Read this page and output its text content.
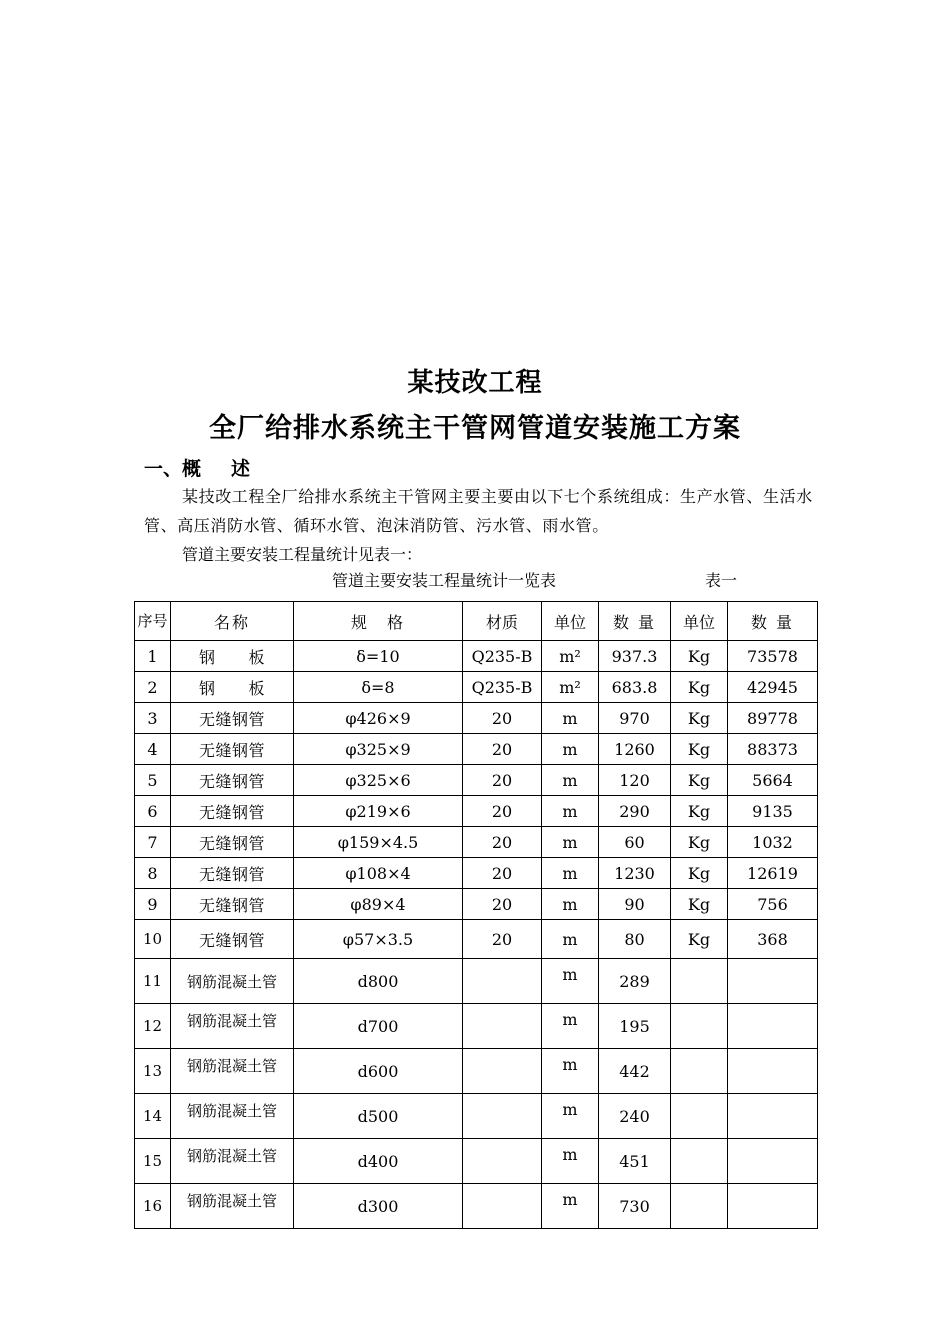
某技改工程
全厂给排水系统主干管网管道安装施工方案
一、概 述
某技改工程全厂给排水系统主干管网主要主要由以下七个系统组成：生产水管、生活水管、高压消防水管、循环水管、泡沫消防管、污水管、雨水管。
管道主要安装工程量统计见表一：
管道主要安装工程量统计一览表	表一
序号	名称	规　格	材质	单位	数 量	单位	数 量
1	钢　　板	δ=10	Q235-B	m²	937.3	Kg	73578
2	钢　　板	δ=8	Q235-B	m²	683.8	Kg	42945
3	无缝钢管	φ426×9	20	m	970	Kg	89778
4	无缝钢管	φ325×9	20	m	1260	Kg	88373
5	无缝钢管	φ325×6	20	m	120	Kg	5664
6	无缝钢管	φ219×6	20	m	290	Kg	9135
7	无缝钢管	φ159×4.5	20	m	60	Kg	1032
8	无缝钢管	φ108×4	20	m	1230	Kg	12619
9	无缝钢管	φ89×4	20	m	90	Kg	756
10	无缝钢管	φ57×3.5	20	m	80	Kg	368
11	钢筋混凝土管	d800		m	289		
12	钢筋混凝土管	d700		m	195		
13	钢筋混凝土管	d600		m	442		
14	钢筋混凝土管	d500		m	240		
15	钢筋混凝土管	d400		m	451		
16	钢筋混凝土管	d300		m	730		
